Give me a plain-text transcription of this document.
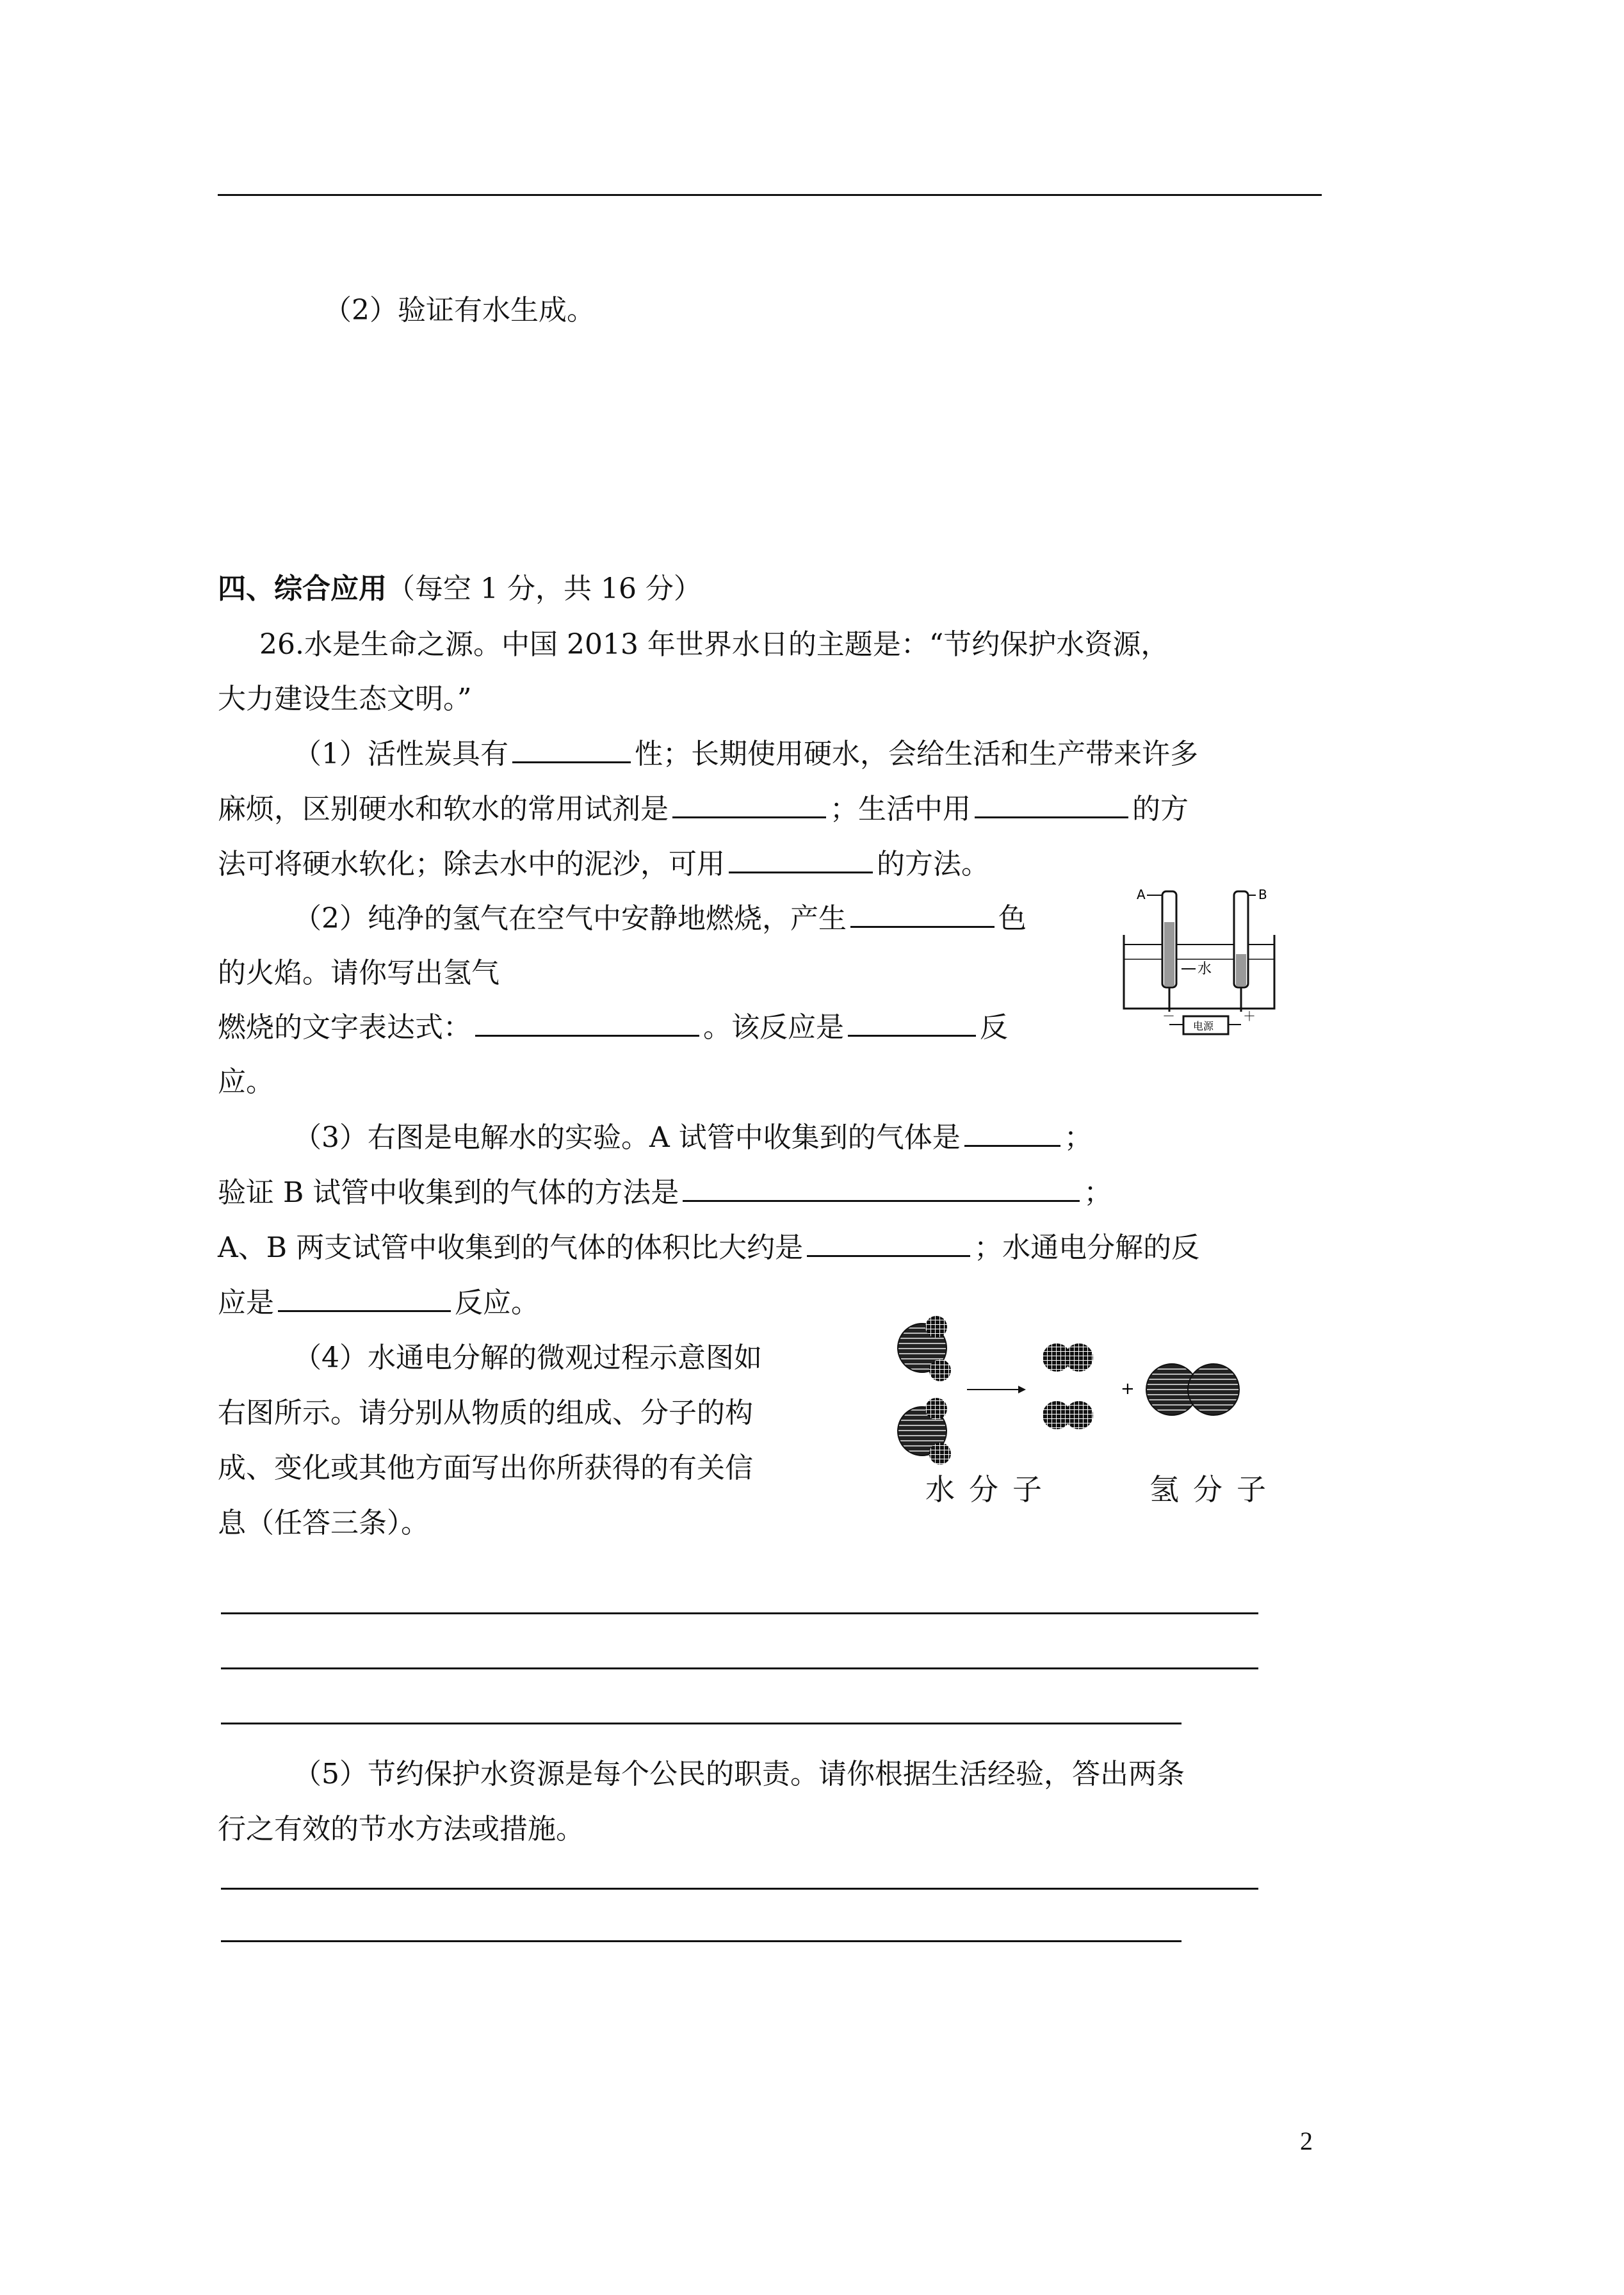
（2）验证有水生成。
四、综合应用（每空 1 分，共 16 分）
26.水是生命之源。中国 2013 年世界水日的主题是：“节约保护水资源，
大力建设生态文明。”
（1）活性炭具有	性；长期使用硬水，会给生活和生产带来许多
麻烦，区别硬水和软水的常用试剂是	；生活中用	的方
法可将硬水软化；除去水中的泥沙，可用	的方法。
（2）纯净的氢气在空气中安静地燃烧，产生	色
的火焰。请你写出氢气
燃烧的文字表达式：	。该反应是	反
应。
A	B
水
电源
－	＋
（3）右图是电解水的实验。A 试管中收集到的气体是	；
验证 B 试管中收集到的气体的方法是	；
A、B 两支试管中收集到的气体的体积比大约是	；水通电分解的反
应是	反应。
（4）水通电分解的微观过程示意图如
右图所示。请分别从物质的组成、分子的构
成、变化或其他方面写出你所获得的有关信
息（任答三条）。
+
水分子	氢分子
（5）节约保护水资源是每个公民的职责。请你根据生活经验，答出两条
行之有效的节水方法或措施。
2
